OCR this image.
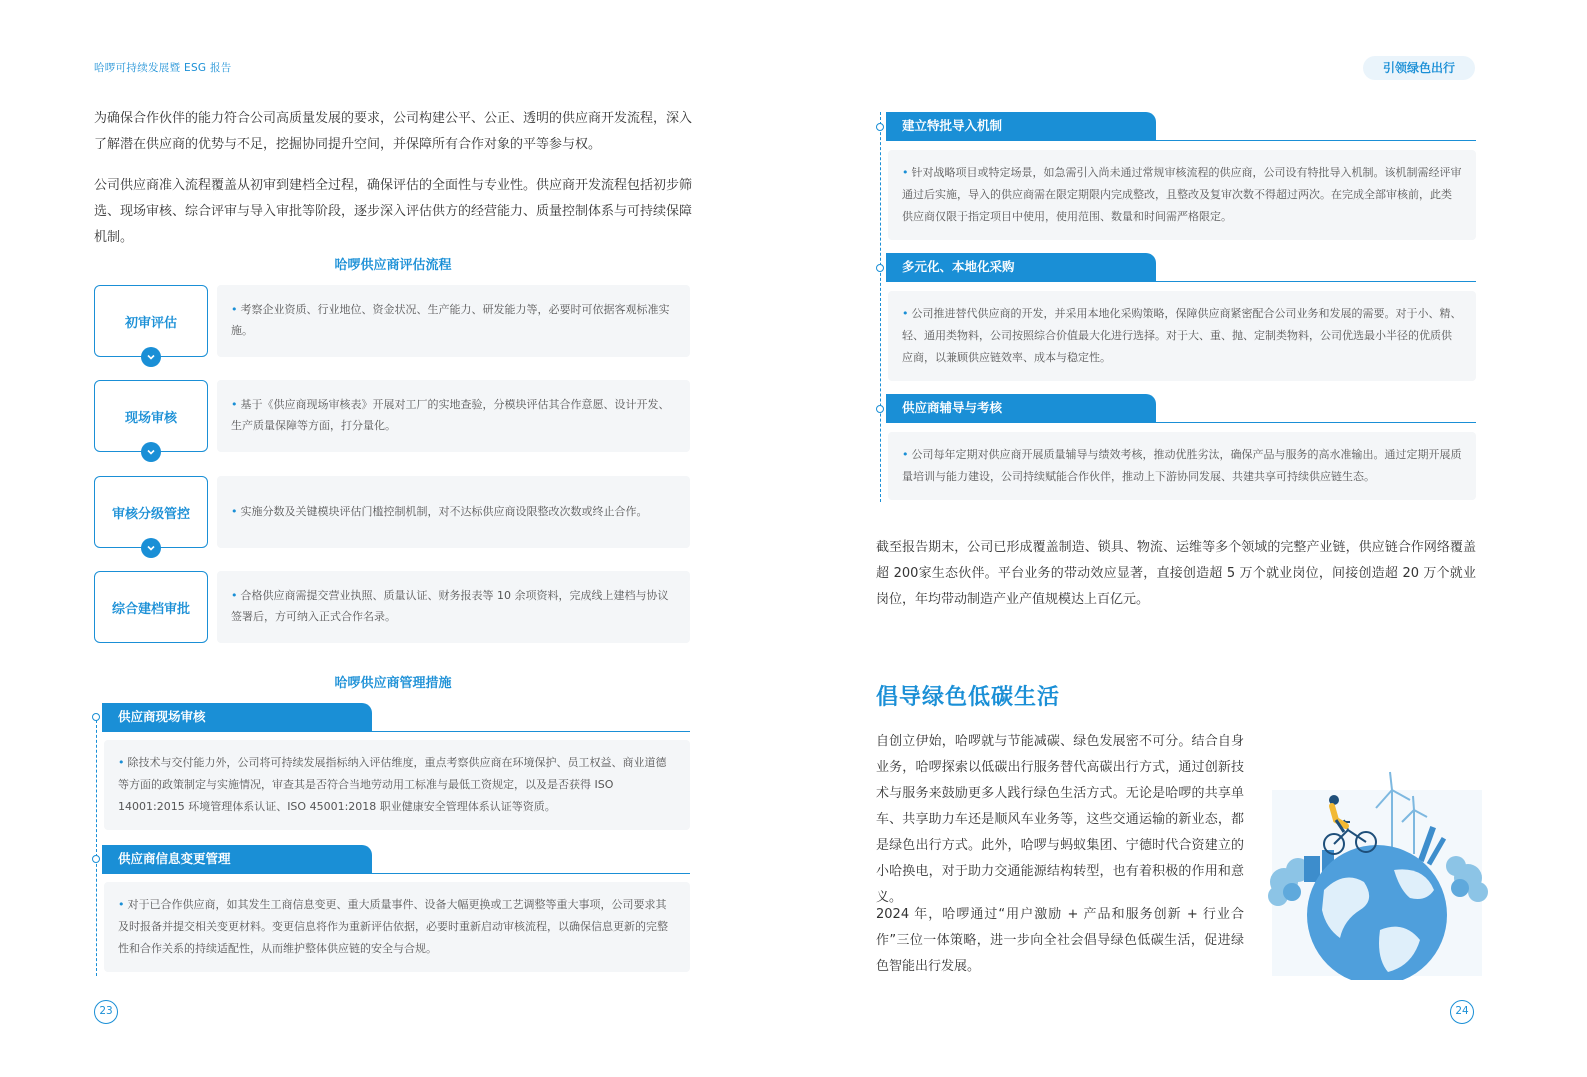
哈啰可持续发展暨 ESG 报告	引领绿色出行
为确保合作伙伴的能力符合公司高质量发展的要求，公司构建公平、公正、透明的供应商开发流程，深入了解潜在供应商的优势与不足，挖掘协同提升空间，并保障所有合作对象的平等参与权。
公司供应商准入流程覆盖从初审到建档全过程，确保评估的全面性与专业性。供应商开发流程包括初步筛选、现场审核、综合评审与导入审批等阶段，逐步深入评估供方的经营能力、质量控制体系与可持续保障机制。
哈啰供应商评估流程
初审评估
• 考察企业资质、行业地位、资金状况、生产能力、研发能力等，必要时可依据客观标准实施。
现场审核
• 基于《供应商现场审核表》开展对工厂的实地查验，分模块评估其合作意愿、设计开发、生产质量保障等方面，打分量化。
审核分级管控	• 实施分数及关键模块评估门槛控制机制，对不达标供应商设限整改次数或终止合作。
综合建档审批
• 合格供应商需提交营业执照、质量认证、财务报表等 10 余项资料，完成线上建档与协议签署后，方可纳入正式合作名录。
哈啰供应商管理措施
供应商现场审核
• 除技术与交付能力外，公司将可持续发展指标纳入评估维度，重点考察供应商在环境保护、员工权益、商业道德等方面的政策制定与实施情况，审查其是否符合当地劳动用工标准与最低工资规定，以及是否获得 ISO 14001:2015 环境管理体系认证、ISO 45001:2018 职业健康安全管理体系认证等资质。
供应商信息变更管理
• 对于已合作供应商，如其发生工商信息变更、重大质量事件、设备大幅更换或工艺调整等重大事项，公司要求其及时报备并提交相关变更材料。变更信息将作为重新评估依据，必要时重新启动审核流程，以确保信息更新的完整性和合作关系的持续适配性，从而维护整体供应链的安全与合规。
23
建立特批导入机制
• 针对战略项目或特定场景，如急需引入尚未通过常规审核流程的供应商，公司设有特批导入机制。该机制需经评审通过后实施，导入的供应商需在限定期限内完成整改，且整改及复审次数不得超过两次。在完成全部审核前，此类供应商仅限于指定项目中使用，使用范围、数量和时间需严格限定。
多元化、本地化采购
• 公司推进替代供应商的开发，并采用本地化采购策略，保障供应商紧密配合公司业务和发展的需要。对于小、精、轻、通用类物料，公司按照综合价值最大化进行选择。对于大、重、抛、定制类物料，公司优选最小半径的优质供应商，以兼顾供应链效率、成本与稳定性。
供应商辅导与考核
• 公司每年定期对供应商开展质量辅导与绩效考核，推动优胜劣汰，确保产品与服务的高水准输出。通过定期开展质量培训与能力建设，公司持续赋能合作伙伴，推动上下游协同发展、共建共享可持续供应链生态。
截至报告期末，公司已形成覆盖制造、锁具、物流、运维等多个领域的完整产业链，供应链合作网络覆盖超 200家生态伙伴。平台业务的带动效应显著，直接创造超 5 万个就业岗位，间接创造超 20 万个就业岗位，年均带动制造产业产值规模达上百亿元。
倡导绿色低碳生活
自创立伊始，哈啰就与节能减碳、绿色发展密不可分。结合自身业务，哈啰探索以低碳出行服务替代高碳出行方式，通过创新技术与服务来鼓励更多人践行绿色生活方式。无论是哈啰的共享单车、共享助力车还是顺风车业务等，这些交通运输的新业态，都是绿色出行方式。此外，哈啰与蚂蚁集团、宁德时代合资建立的小哈换电，对于助力交通能源结构转型，也有着积极的作用和意义。
2024 年，哈啰通过“用户激励 + 产品和服务创新 + 行业合作”三位一体策略，进一步向全社会倡导绿色低碳生活，促进绿色智能出行发展。
24
